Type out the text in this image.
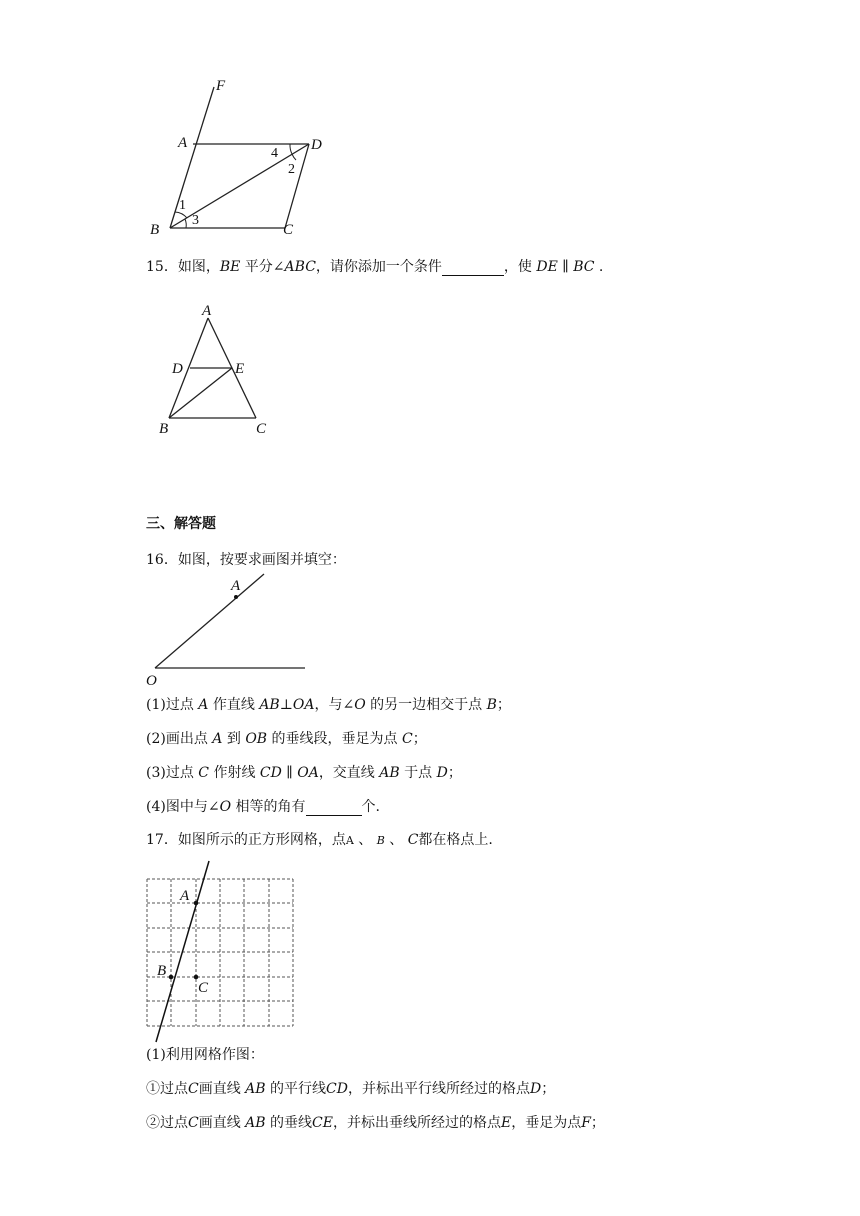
F
A	D
B	C
1
2
3
4
15．如图，BE 平分∠ABC，请你添加一个条件	，使 DE ∥ BC .
A
D	E
B	C
三、解答题
16．如图，按要求画图并填空：
A
O
(1)过点 A 作直线 AB⊥OA，与∠O 的另一边相交于点 B；
(2)画出点 A 到 OB 的垂线段，垂足为点 C；
(3)过点 C 作射线 CD ∥ OA，交直线 AB 于点 D；
(4)图中与∠O 相等的角有	个.
17．如图所示的正方形网格，点A 、 B 、 C都在格点上.
A
B
C
(1)利用网格作图：
①过点C画直线 AB 的平行线CD，并标出平行线所经过的格点D；
②过点C画直线 AB 的垂线CE，并标出垂线所经过的格点E，垂足为点F；
